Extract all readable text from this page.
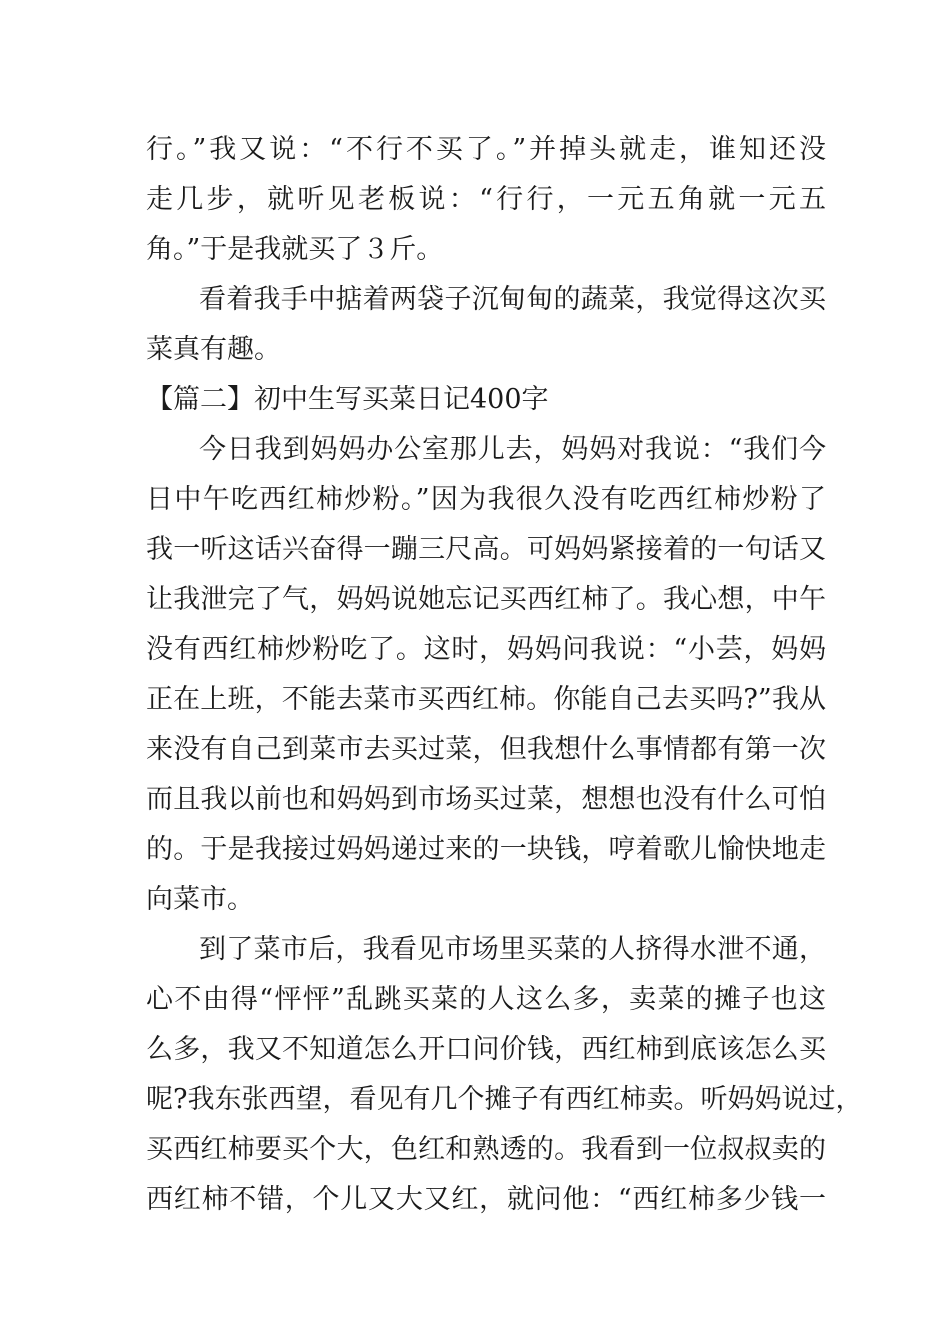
行。”我又说：“不行不买了。”并掉头就走，谁知还没
走几步，就听见老板说：“行行，一元五角就一元五
角。”于是我就买了３斤。
看着我手中掂着两袋子沉甸甸的蔬菜，我觉得这次买
菜真有趣。
【篇二】初中生写买菜日记400字
今日我到妈妈办公室那儿去，妈妈对我说：“我们今
日中午吃西红柿炒粉。”因为我很久没有吃西红柿炒粉了
我一听这话兴奋得一蹦三尺高。可妈妈紧接着的一句话又
让我泄完了气，妈妈说她忘记买西红柿了。我心想，中午
没有西红柿炒粉吃了。这时，妈妈问我说：“小芸，妈妈
正在上班，不能去菜市买西红柿。你能自己去买吗?”我从
来没有自己到菜市去买过菜，但我想什么事情都有第一次
而且我以前也和妈妈到市场买过菜，想想也没有什么可怕
的。于是我接过妈妈递过来的一块钱，哼着歌儿愉快地走
向菜市。
到了菜市后，我看见市场里买菜的人挤得水泄不通，
心不由得“怦怦”乱跳买菜的人这么多，卖菜的摊子也这
么多，我又不知道怎么开口问价钱，西红柿到底该怎么买
呢?我东张西望，看见有几个摊子有西红柿卖。听妈妈说过，
买西红柿要买个大，色红和熟透的。我看到一位叔叔卖的
西红柿不错，个儿又大又红，就问他：“西红柿多少钱一
